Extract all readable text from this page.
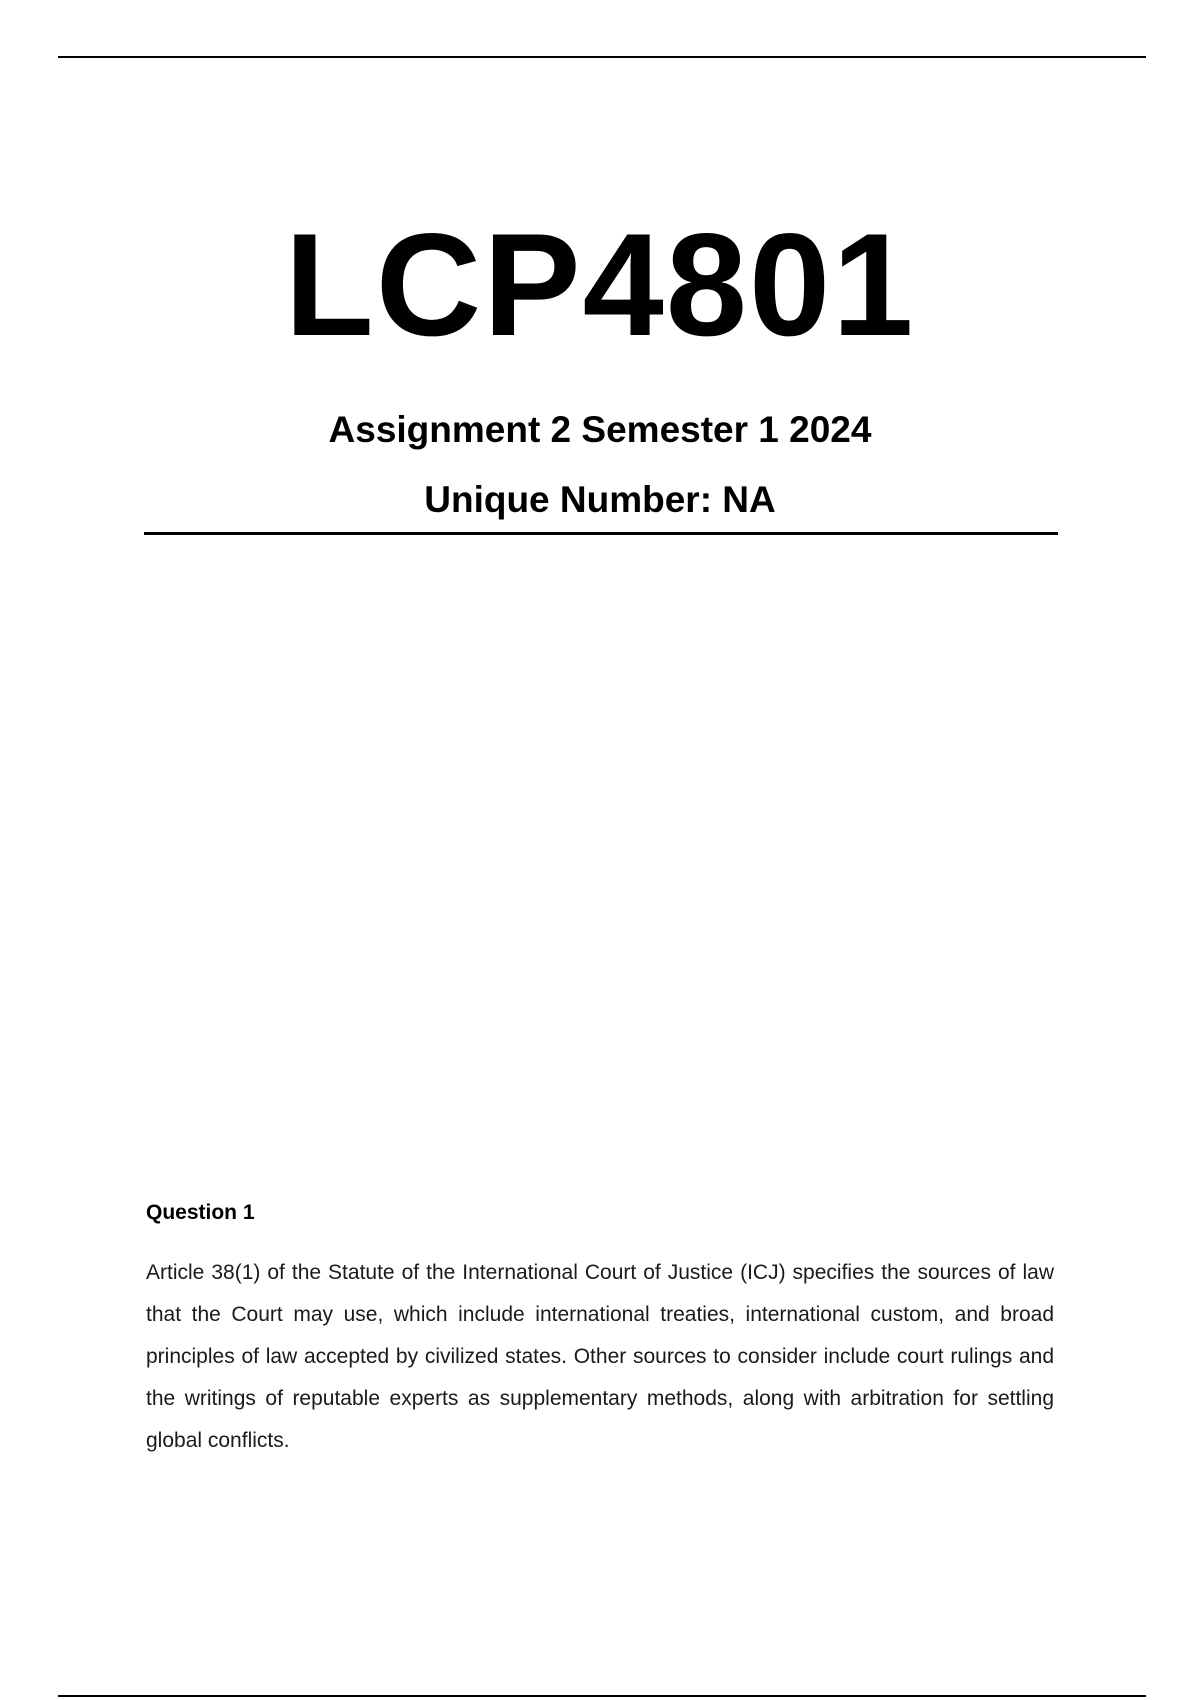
LCP4801
Assignment 2 Semester 1 2024
Unique Number: NA
Question 1
Article 38(1) of the Statute of the International Court of Justice (ICJ) specifies the sources of law that the Court may use, which include international treaties, international custom, and broad principles of law accepted by civilized states. Other sources to consider include court rulings and the writings of reputable experts as supplementary methods, along with arbitration for settling global conflicts.
